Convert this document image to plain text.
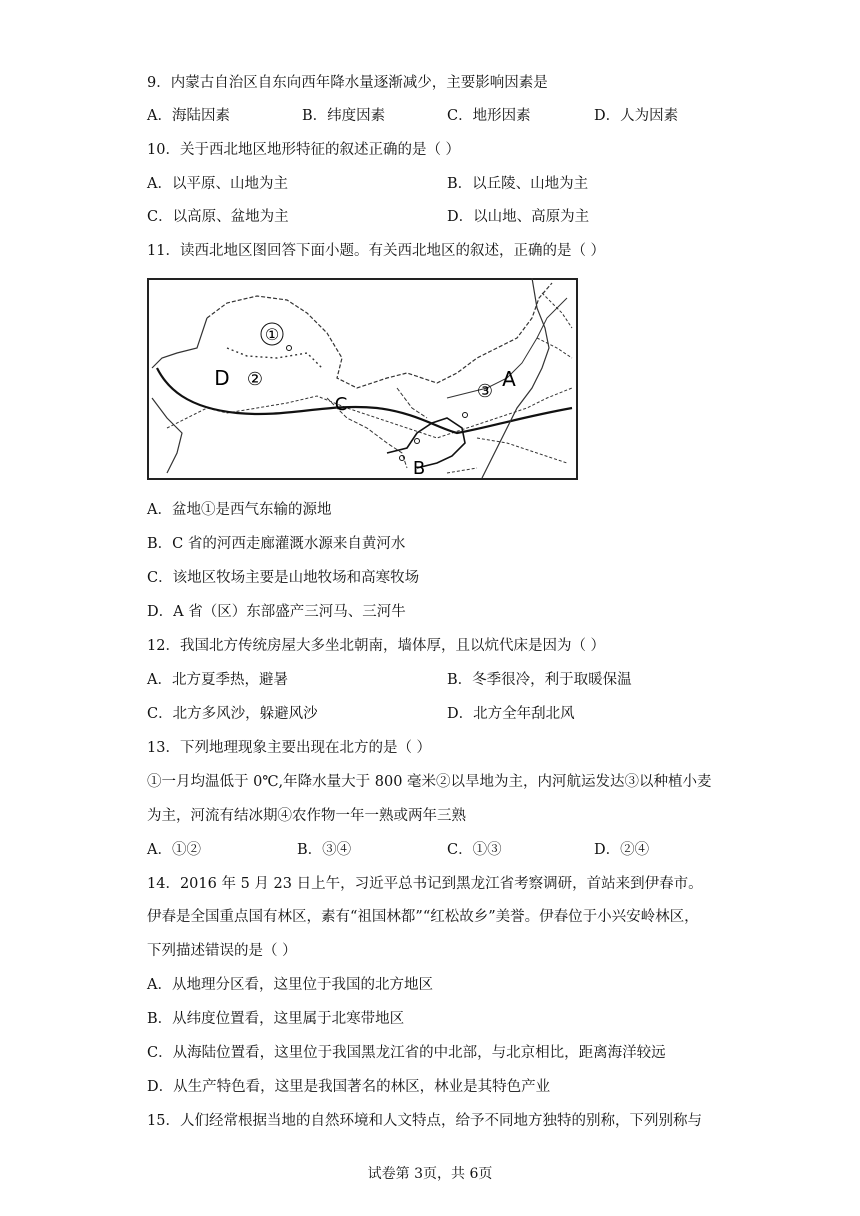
9．内蒙古自治区自东向西年降水量逐渐减少，主要影响因素是
A．海陆因素	B．纬度因素	C．地形因素	D．人为因素
10．关于西北地区地形特征的叙述正确的是（ ）
A．以平原、山地为主	B．以丘陵、山地为主
C．以高原、盆地为主	D．以山地、高原为主
11．读西北地区图回答下面小题。有关西北地区的叙述，正确的是（ ）
①
D ②
C
③
A
B
A．盆地①是西气东输的源地
B．C 省的河西走廊灌溉水源来自黄河水
C．该地区牧场主要是山地牧场和高寒牧场
D．A 省（区）东部盛产三河马、三河牛
12．我国北方传统房屋大多坐北朝南，墙体厚，且以炕代床是因为（ ）
A．北方夏季热，避暑	B．冬季很冷，利于取暖保温
C．北方多风沙，躲避风沙	D．北方全年刮北风
13．下列地理现象主要出现在北方的是（ ）
①一月均温低于 0℃,年降水量大于 800 毫米②以旱地为主，内河航运发达③以种植小麦
为主，河流有结冰期④农作物一年一熟或两年三熟
A．①②	B．③④	C．①③	D．②④
14．2016 年 5 月 23 日上午，习近平总书记到黑龙江省考察调研，首站来到伊春市。
伊春是全国重点国有林区，素有“祖国林都”“红松故乡”美誉。伊春位于小兴安岭林区，
下列描述错误的是（ ）
A．从地理分区看，这里位于我国的北方地区
B．从纬度位置看，这里属于北寒带地区
C．从海陆位置看，这里位于我国黑龙江省的中北部，与北京相比，距离海洋较远
D．从生产特色看，这里是我国著名的林区，林业是其特色产业
15．人们经常根据当地的自然环境和人文特点，给予不同地方独特的别称，下列别称与
试卷第 3页，共 6页
